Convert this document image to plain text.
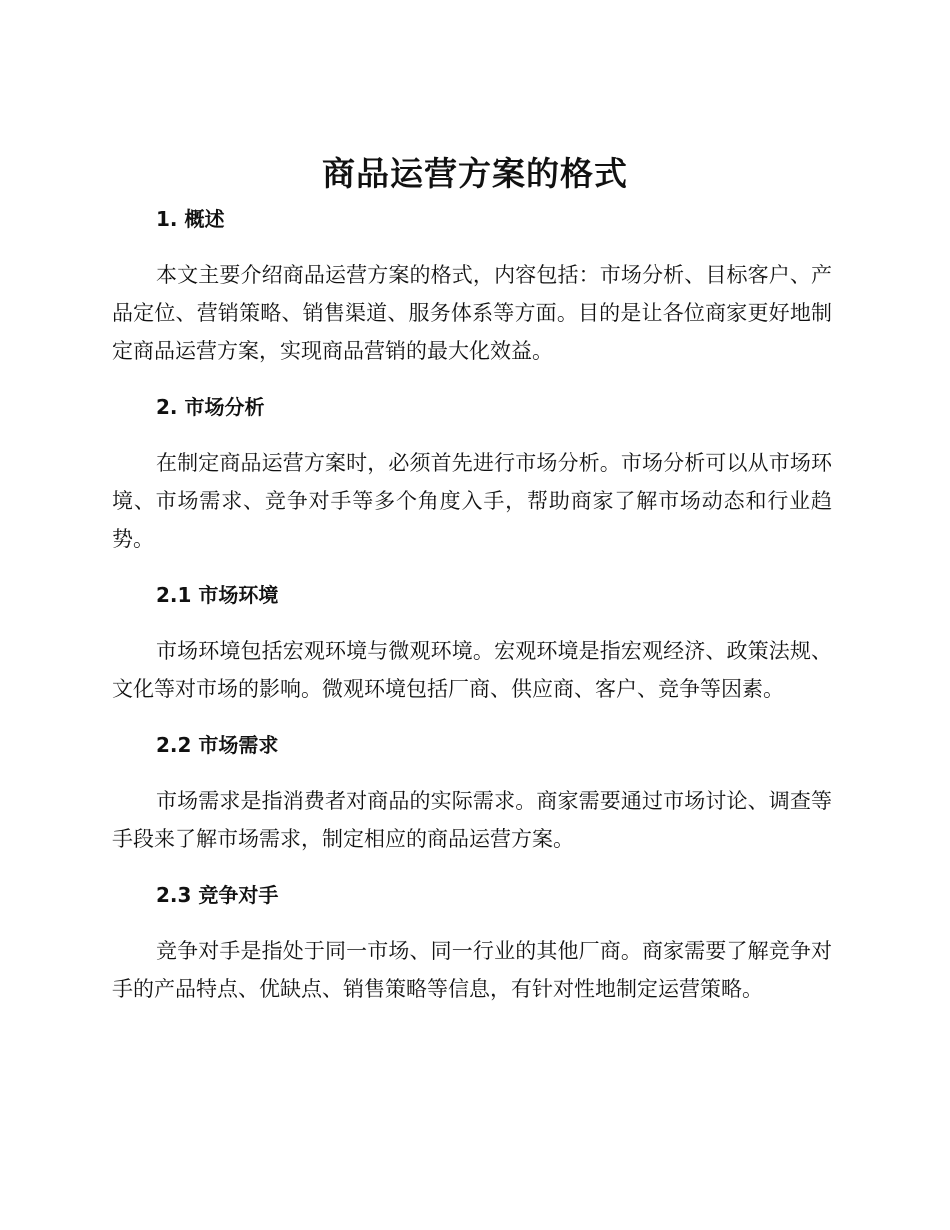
商品运营方案的格式
1. 概述

本文主要介绍商品运营方案的格式，内容包括：市场分析、目标客户、产品定位、营销策略、销售渠道、服务体系等方面。目的是让各位商家更好地制定商品运营方案，实现商品营销的最大化效益。

2. 市场分析

在制定商品运营方案时，必须首先进行市场分析。市场分析可以从市场环境、市场需求、竞争对手等多个角度入手，帮助商家了解市场动态和行业趋势。

2.1 市场环境

市场环境包括宏观环境与微观环境。宏观环境是指宏观经济、政策法规、文化等对市场的影响。微观环境包括厂商、供应商、客户、竞争等因素。

2.2 市场需求

市场需求是指消费者对商品的实际需求。商家需要通过市场讨论、调查等手段来了解市场需求，制定相应的商品运营方案。

2.3 竞争对手

竞争对手是指处于同一市场、同一行业的其他厂商。商家需要了解竞争对手的产品特点、优缺点、销售策略等信息，有针对性地制定运营策略。
